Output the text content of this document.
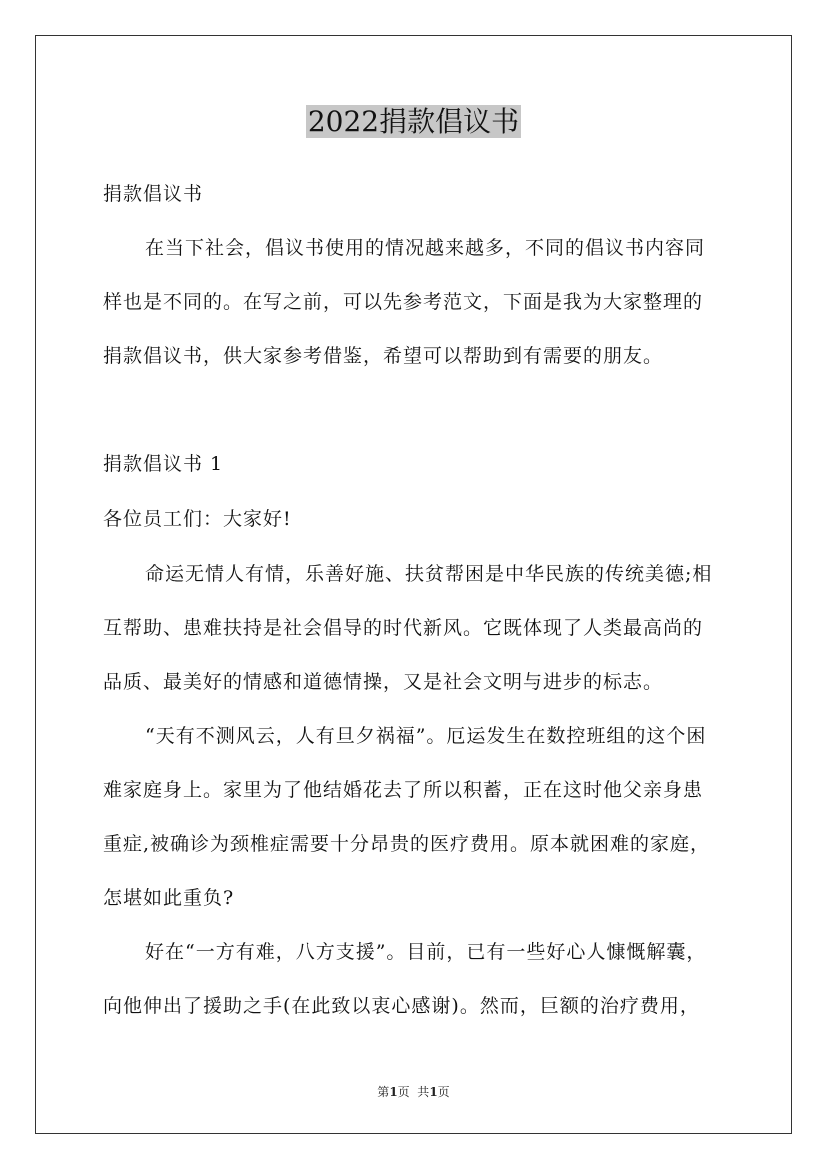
2022捐款倡议书
捐款倡议书
在当下社会，倡议书使用的情况越来越多，不同的倡议书内容同
样也是不同的。在写之前，可以先参考范文，下面是我为大家整理的
捐款倡议书，供大家参考借鉴，希望可以帮助到有需要的朋友。
捐款倡议书 1
各位员工们：大家好!
命运无情人有情，乐善好施、扶贫帮困是中华民族的传统美德;相
互帮助、患难扶持是社会倡导的时代新风。它既体现了人类最高尚的
品质、最美好的情感和道德情操，又是社会文明与进步的标志。
“天有不测风云，人有旦夕祸福”。厄运发生在数控班组的这个困
难家庭身上。家里为了他结婚花去了所以积蓄，正在这时他父亲身患
重症,被确诊为颈椎症需要十分昂贵的医疗费用。原本就困难的家庭，
怎堪如此重负?
好在“一方有难，八方支援”。目前，已有一些好心人慷慨解囊，
向他伸出了援助之手(在此致以衷心感谢)。然而，巨额的治疗费用，
第1页  共1页
